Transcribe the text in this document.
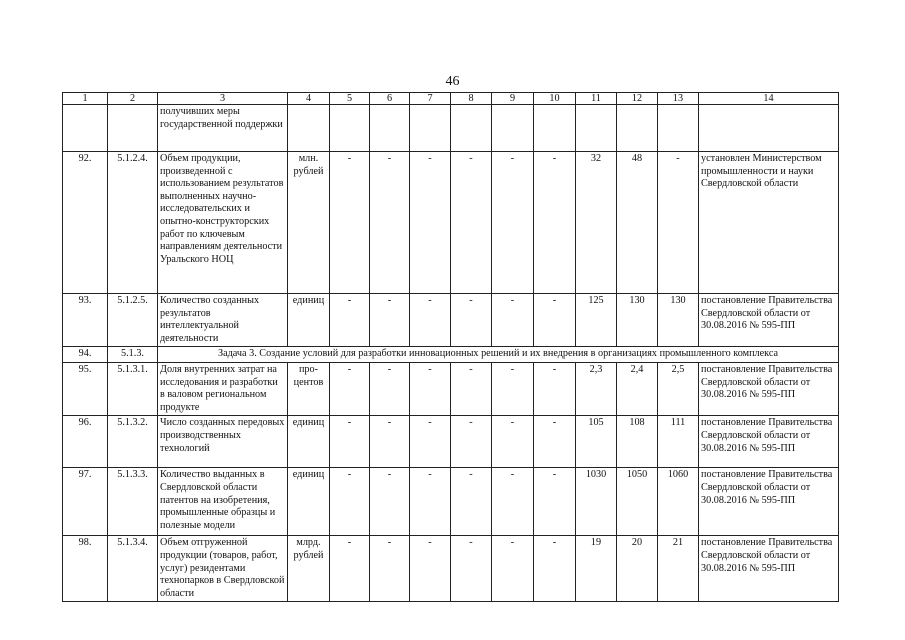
46
1	2	3	4	5	6	7	8	9	10	11	12	13	14
		получивших меры государственной поддержки											
92.	5.1.2.4.	Объем продукции, произведенной с использованием результатов выполненных научно-исследовательских и опытно-конструкторских работ по ключевым направлениям деятельности Уральского НОЦ	млн. рублей	-	-	-	-	-	-	32	48	-	установлен Министерством промышленности и науки Свердловской области
93.	5.1.2.5.	Количество созданных результатов интеллектуальной деятельности	единиц	-	-	-	-	-	-	125	130	130	постановление Правительства Свердловской области от 30.08.2016 № 595-ПП
94.	5.1.3.	Задача 3. Создание условий для разработки инновационных решений и их внедрения в организациях промышленного комплекса											
95.	5.1.3.1.	Доля внутренних затрат на исследования и разработки в валовом региональном продукте	про-центов	-	-	-	-	-	-	2,3	2,4	2,5	постановление Правительства Свердловской области от 30.08.2016 № 595-ПП
96.	5.1.3.2.	Число созданных передовых производственных технологий	единиц	-	-	-	-	-	-	105	108	111	постановление Правительства Свердловской области от 30.08.2016 № 595-ПП
97.	5.1.3.3.	Количество выданных в Свердловской области патентов на изобретения, промышленные образцы и полезные модели	единиц	-	-	-	-	-	-	1030	1050	1060	постановление Правительства Свердловской области от 30.08.2016 № 595-ПП
98.	5.1.3.4.	Объем отгруженной продукции (товаров, работ, услуг) резидентами технопарков в Свердловской области	млрд. рублей	-	-	-	-	-	-	19	20	21	постановление Правительства Свердловской области от 30.08.2016 № 595-ПП
